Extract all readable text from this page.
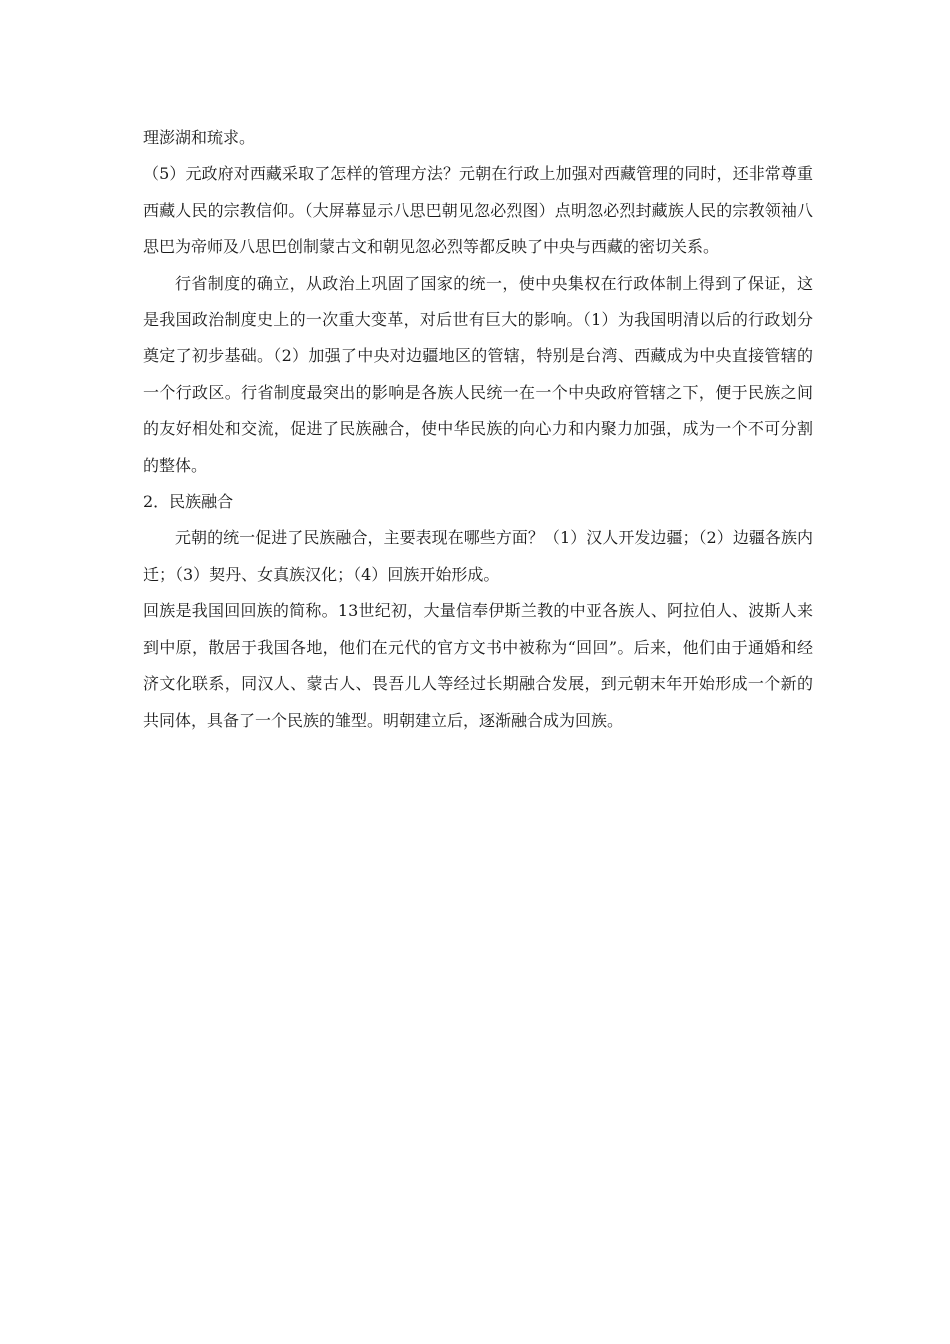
理澎湖和琉求。

（5）元政府对西藏采取了怎样的管理方法？元朝在行政上加强对西藏管理的同时，还非常尊重西藏人民的宗教信仰。（大屏幕显示八思巴朝见忽必烈图）点明忽必烈封藏族人民的宗教领袖八思巴为帝师及八思巴创制蒙古文和朝见忽必烈等都反映了中央与西藏的密切关系。

行省制度的确立，从政治上巩固了国家的统一，使中央集权在行政体制上得到了保证，这是我国政治制度史上的一次重大变革，对后世有巨大的影响。（1）为我国明清以后的行政划分奠定了初步基础。（2）加强了中央对边疆地区的管辖，特别是台湾、西藏成为中央直接管辖的一个行政区。行省制度最突出的影响是各族人民统一在一个中央政府管辖之下，便于民族之间的友好相处和交流，促进了民族融合，使中华民族的向心力和内聚力加强，成为一个不可分割的整体。

2．民族融合

元朝的统一促进了民族融合，主要表现在哪些方面？（1）汉人开发边疆；（2）边疆各族内迁；（3）契丹、女真族汉化；（4）回族开始形成。

回族是我国回回族的简称。13世纪初，大量信奉伊斯兰教的中亚各族人、阿拉伯人、波斯人来到中原，散居于我国各地，他们在元代的官方文书中被称为“回回”。后来，他们由于通婚和经济文化联系，同汉人、蒙古人、畏吾儿人等经过长期融合发展，到元朝末年开始形成一个新的共同体，具备了一个民族的雏型。明朝建立后，逐渐融合成为回族。
